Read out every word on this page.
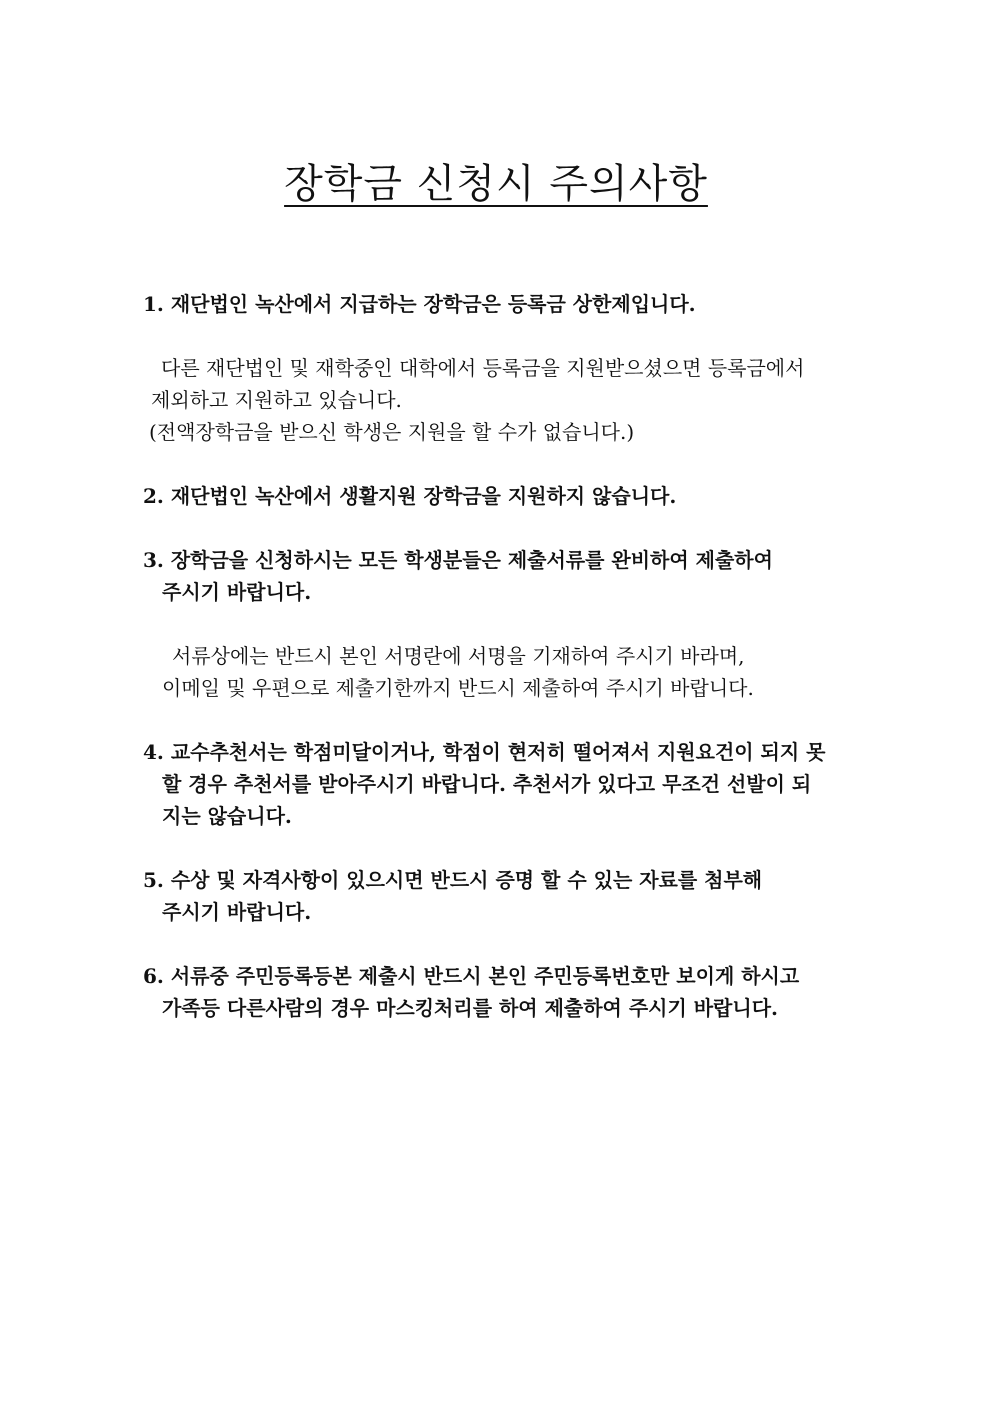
장학금 신청시 주의사항

1. 재단법인 녹산에서 지급하는 장학금은 등록금 상한제입니다.

다른 재단법인 및 재학중인 대학에서 등록금을 지원받으셨으면 등록금에서

제외하고 지원하고 있습니다.

(전액장학금을 받으신 학생은 지원을 할 수가 없습니다.)

2. 재단법인 녹산에서 생활지원 장학금을 지원하지 않습니다.

3. 장학금을 신청하시는 모든 학생분들은 제출서류를 완비하여 제출하여

주시기 바랍니다.

서류상에는 반드시 본인 서명란에 서명을 기재하여 주시기 바라며,

이메일 및 우편으로 제출기한까지 반드시 제출하여 주시기 바랍니다.

4. 교수추천서는 학점미달이거나, 학점이 현저히 떨어져서 지원요건이 되지 못

할 경우 추천서를 받아주시기 바랍니다. 추천서가 있다고 무조건 선발이 되

지는 않습니다.

5. 수상 및 자격사항이 있으시면 반드시 증명 할 수 있는 자료를 첨부해

주시기 바랍니다.

6. 서류중 주민등록등본 제출시 반드시 본인 주민등록번호만 보이게 하시고

가족등 다른사람의 경우 마스킹처리를 하여 제출하여 주시기 바랍니다.
